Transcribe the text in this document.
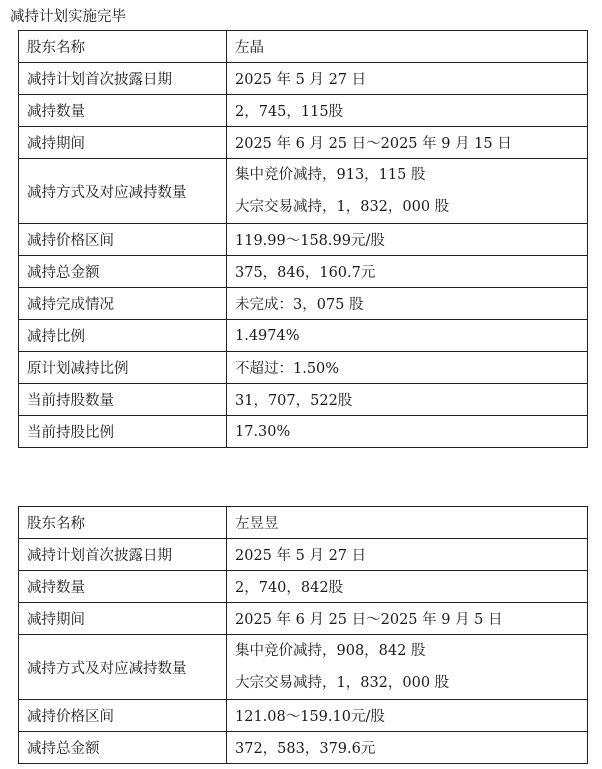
减持计划实施完毕
股东名称	左晶
减持计划首次披露日期	2025 年 5 月 27 日
减持数量	2，745，115股
减持期间	2025 年 6 月 25 日～2025 年 9 月 15 日
减持方式及对应减持数量	集中竞价减持，913，115 股
大宗交易减持，1，832，000 股

减持价格区间	119.99～158.99元/股
减持总金额	375，846，160.7元
减持完成情况	未完成：3，075 股
减持比例	1.4974%
原计划减持比例	不超过：1.50%
当前持股数量	31，707，522股
当前持股比例	17.30%
股东名称	左昱昱
减持计划首次披露日期	2025 年 5 月 27 日
减持数量	2，740，842股
减持期间	2025 年 6 月 25 日～2025 年 9 月 5 日
减持方式及对应减持数量	集中竞价减持，908，842 股
大宗交易减持，1，832，000 股

减持价格区间	121.08～159.10元/股
减持总金额	372，583，379.6元
